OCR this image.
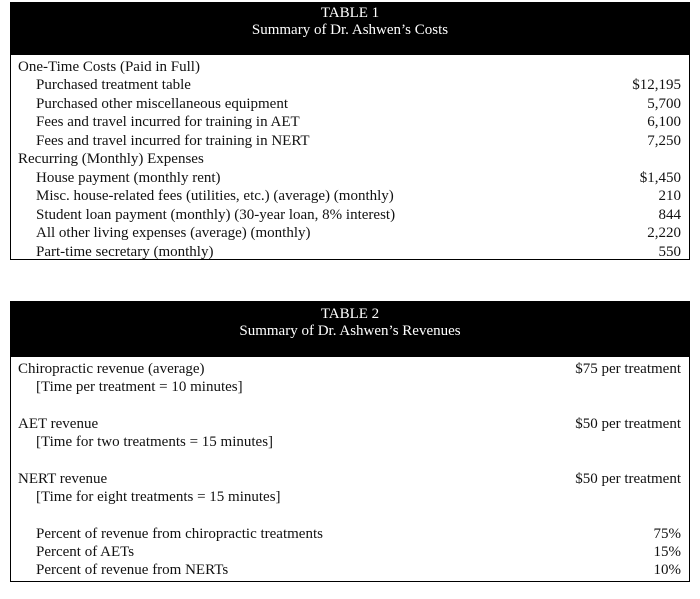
TABLE 1
Summary of Dr. Ashwen’s Costs
One-Time Costs (Paid in Full)
Purchased treatment table	$12,195
Purchased other miscellaneous equipment	5,700
Fees and travel incurred for training in AET	6,100
Fees and travel incurred for training in NERT	7,250
Recurring (Monthly) Expenses
House payment (monthly rent)	$1,450
Misc. house-related fees (utilities, etc.) (average) (monthly)	210
Student loan payment (monthly) (30-year loan, 8% interest)	844
All other living expenses (average) (monthly)	2,220
Part-time secretary (monthly)	550
TABLE 2
Summary of Dr. Ashwen’s Revenues
Chiropractic revenue (average)	$75 per treatment
[Time per treatment = 10 minutes]
AET revenue	$50 per treatment
[Time for two treatments = 15 minutes]
NERT revenue	$50 per treatment
[Time for eight treatments = 15 minutes]
Percent of revenue from chiropractic treatments	75%
Percent of AETs	15%
Percent of revenue from NERTs	10%
